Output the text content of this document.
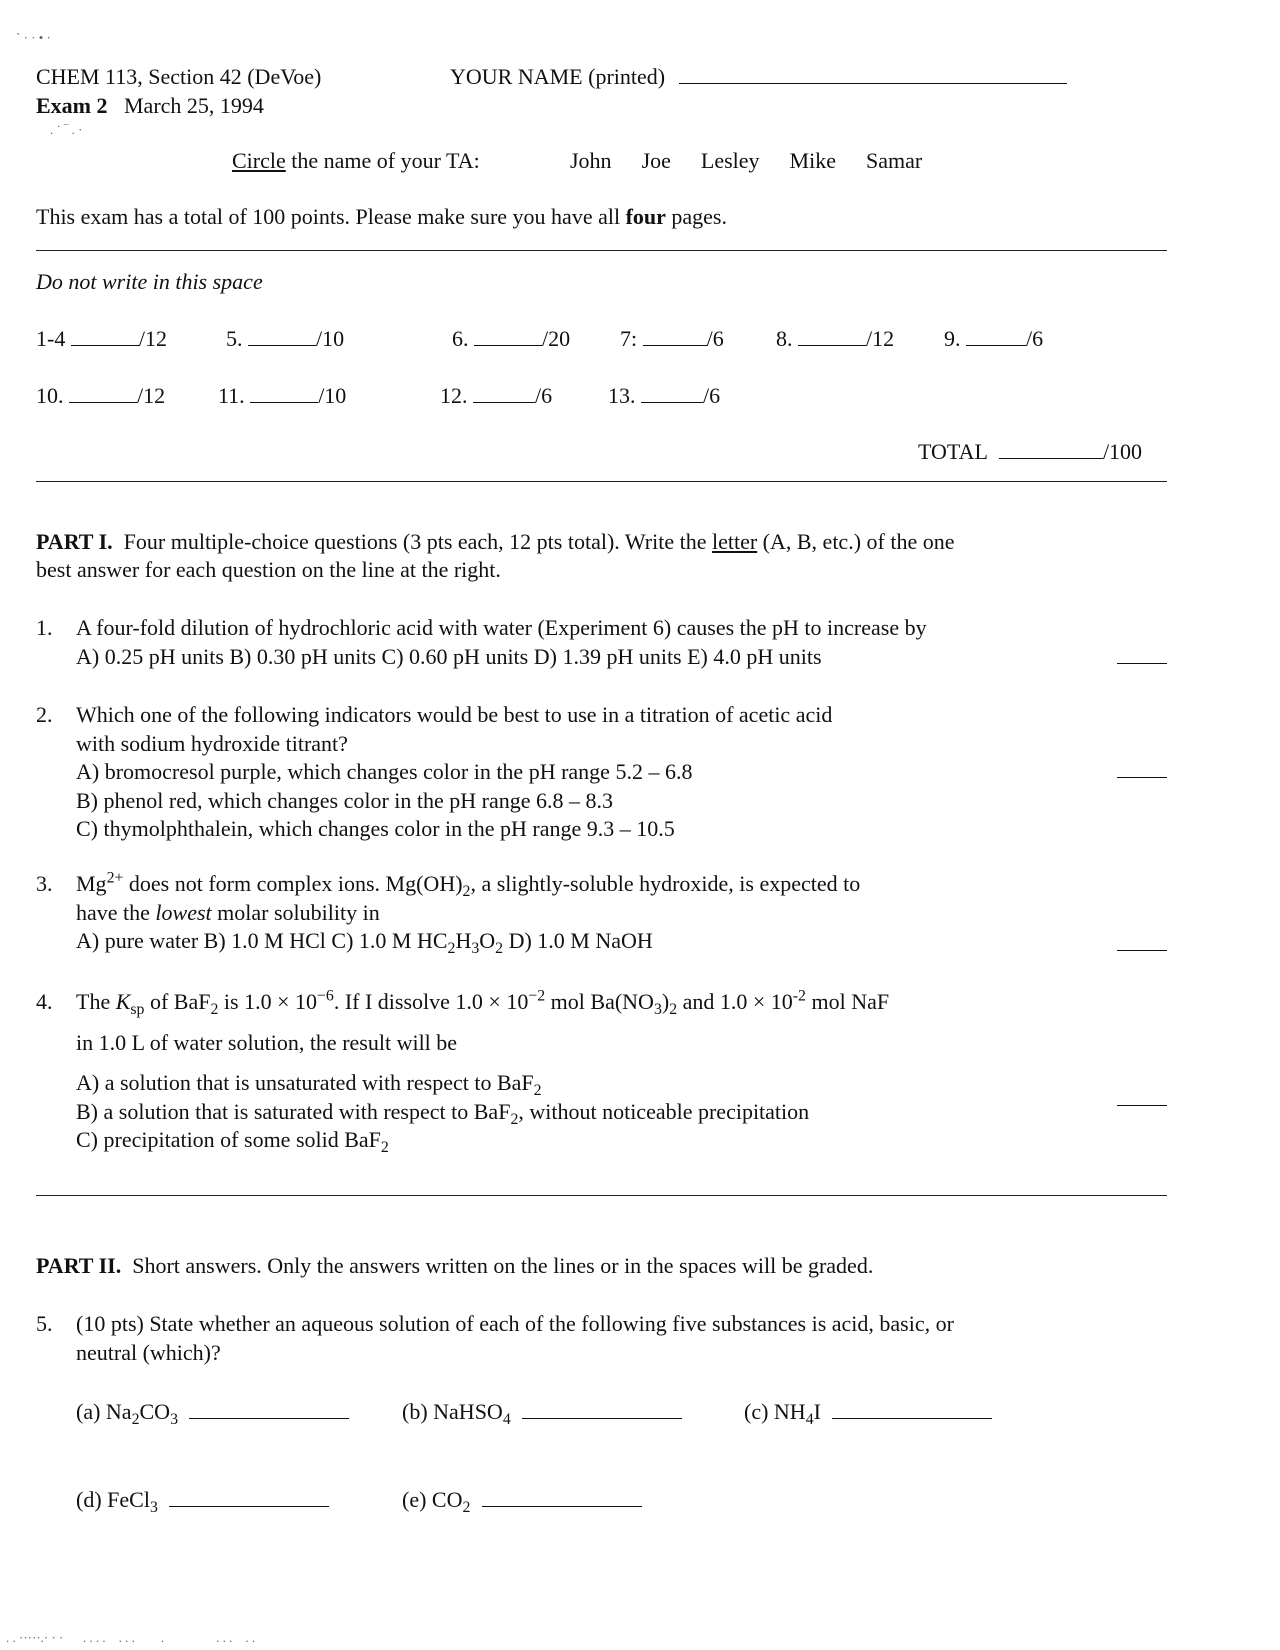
` · · • ·
. ˙ ‾ . ·
CHEM 113, Section 42 (DeVoe)
Exam 2 March 25, 1994
YOUR NAME (printed)
Circle the name of your TA:	John Joe Lesley Mike Samar
This exam has a total of 100 points. Please make sure you have all four pages.
Do not write in this space
1-4	/12	5.	/10	6.	/20 7:	/6 8.	/12 9.	/6
10.	/12 11.	/10	12.	/6	13.	/6
TOTAL	/100
PART I. Four multiple-choice questions (3 pts each, 12 pts total). Write the letter (A, B, etc.) of the one
best answer for each question on the line at the right.
1. A four-fold dilution of hydrochloric acid with water (Experiment 6) causes the pH to increase by
A) 0.25 pH units B) 0.30 pH units C) 0.60 pH units D) 1.39 pH units E) 4.0 pH units
2. Which one of the following indicators would be best to use in a titration of acetic acid
with sodium hydroxide titrant?
A) bromocresol purple, which changes color in the pH range 5.2 – 6.8
B) phenol red, which changes color in the pH range 6.8 – 8.3
C) thymolphthalein, which changes color in the pH range 9.3 – 10.5
3. $Mg^{2+}$ does not form complex ions. $Mg(OH)_2$, a slightly-soluble hydroxide, is expected to
have the lowest molar solubility in
A) pure water B) 1.0 M HCl C) 1.0 M $HC_2H_3O_2$ D) 1.0 M NaOH
4. The $K_{sp}$ of BaF$_2$ is $1.0 \times 10^{-6}$. If I dissolve $1.0 \times 10^{-2}$ mol $Ba(NO_3)_2$ and $1.0 \times 10^{-2}$ mol NaF
in 1.0 L of water solution, the result will be
A) a solution that is unsaturated with respect to BaF$_2$
B) a solution that is saturated with respect to BaF$_2$, without noticeable precipitation
C) precipitation of some solid BaF$_2$
PART II. Short answers. Only the answers written on the lines or in the spaces will be graded.
5. (10 pts) State whether an aqueous solution of each of the following five substances is acid, basic, or
neutral (which)?
(a) $Na_2CO_3$	(b) NaHSO$_4$	(c) $NH_4I$
(d) FeCl$_3$	(e) $CO_2$
. . ·····.· · ·      . . . .    . . .        .                . . .    . .
